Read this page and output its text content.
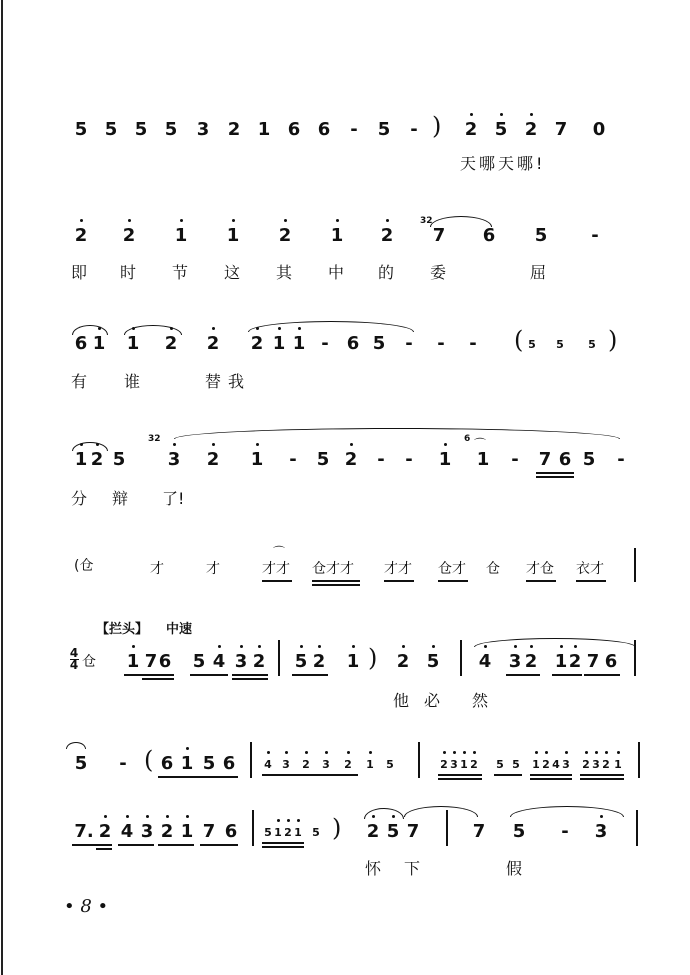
5 5 5 5 3 2 1 6 6 - 5 - ) 2 5 2 7 0
天哪天哪!
2 2 1 1 2 1 2
32
7 6 5 -
即 时 节 这 其 中 的 委	屈
6 1 1 2 2 2 1 1 - 6 5 - - - ( 5 5 5 )
有 谁	替 我
1 2 5
32
3 2 1 - 5 2 - - 1
6 ⌒
1 - 7 6 5 -
分 辩 了!
⌒
(仓	才	才	才才 仓才才 才才 仓才 仓 才仓 衣才
【拦头】 中速
4
4 仓 1 7 6 5 4 3 2 5 2 1 ) 2 5 4 3 2 1 2 7 6
他 必 然
5 - ( 6 1 5 6	4 3 2 3 2 1 5	2 3 1 2 5 5 1 2 4 3 2 3 2 1
7. 2 4 3 2 1 7 6 5 1 2 1 5 ) 2 5 7	7 5 - 3
怀 下	假
• 8 •
